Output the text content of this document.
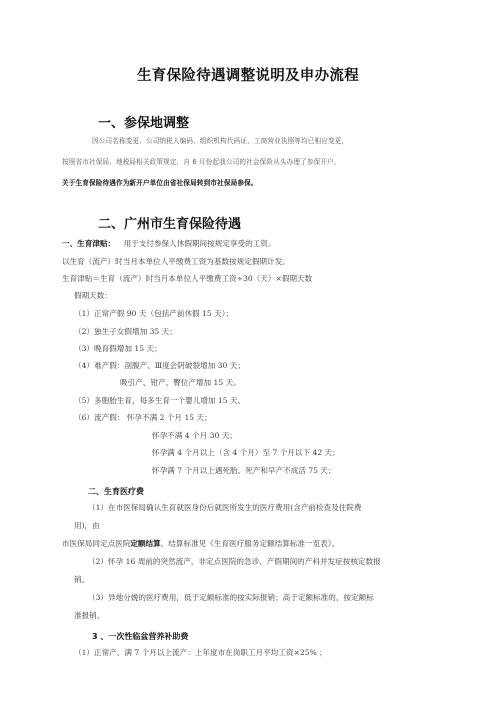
生育保险待遇调整说明及申办流程
一、参保地调整
因公司名称变更、公司纳税人编码、组织机构代码证、工商营业执照等均已相应变更，
按照省市社保局、地税局相关政策规定，自 6 月份起我公司的社会保险从头办理了参保开户，
关于生育保险待遇作为新开户单位由省社保局转到市社保局参保。
二、广州市生育保险待遇
一、生育津贴： 用于支付参保人休假期间按规定享受的工资。
以生育（流产）时当月本单位人平缴费工资为基数按规定假期计发。
生育津贴＝生育（流产）时当月本单位人平缴费工资÷30（天）×假期天数
假期天数：
（1）正常产假 90 天（包括产前休假 15 天）；
（2）独生子女假增加 35 天；
（3）晚育假增加 15 天；
（4）难产假：剖腹产、Ⅲ度会阴破裂增加 30 天；
吸引产、钳产、臀位产增加 15 天。
（5）多胞胎生育，每多生育一个婴儿增加 15 天。
（6）流产假： 怀孕不满 2 个月 15 天；
怀孕不满 4 个月 30 天；
怀孕满 4 个月以上（含 4 个月）至 7 个月以下 42 天；
怀孕满 7 个月以上遇死胎、死产和早产不成活 75 天；
二、生育医疗费
（1）在市医保局确认生育就医身份后就医所发生的医疗费用(含产前检查及住院费
用)，由
市医保局同定点医院定额结算，结算标准见《生育医疗服务定额结算标准一览表》。
（2）怀孕 16 周前的突然流产，非定点医院的急诊、产假期间的产科并发症按核定数报
销。
（3）异地分娩的医疗费用，低于定额标准的按实际报销；高于定额标准的，按定额标
准报销。
3 、一次性临盆营养补助费
（1）正常产、满 7 个月以上流产：上年度市在岗职工月平均工资×25% ；
